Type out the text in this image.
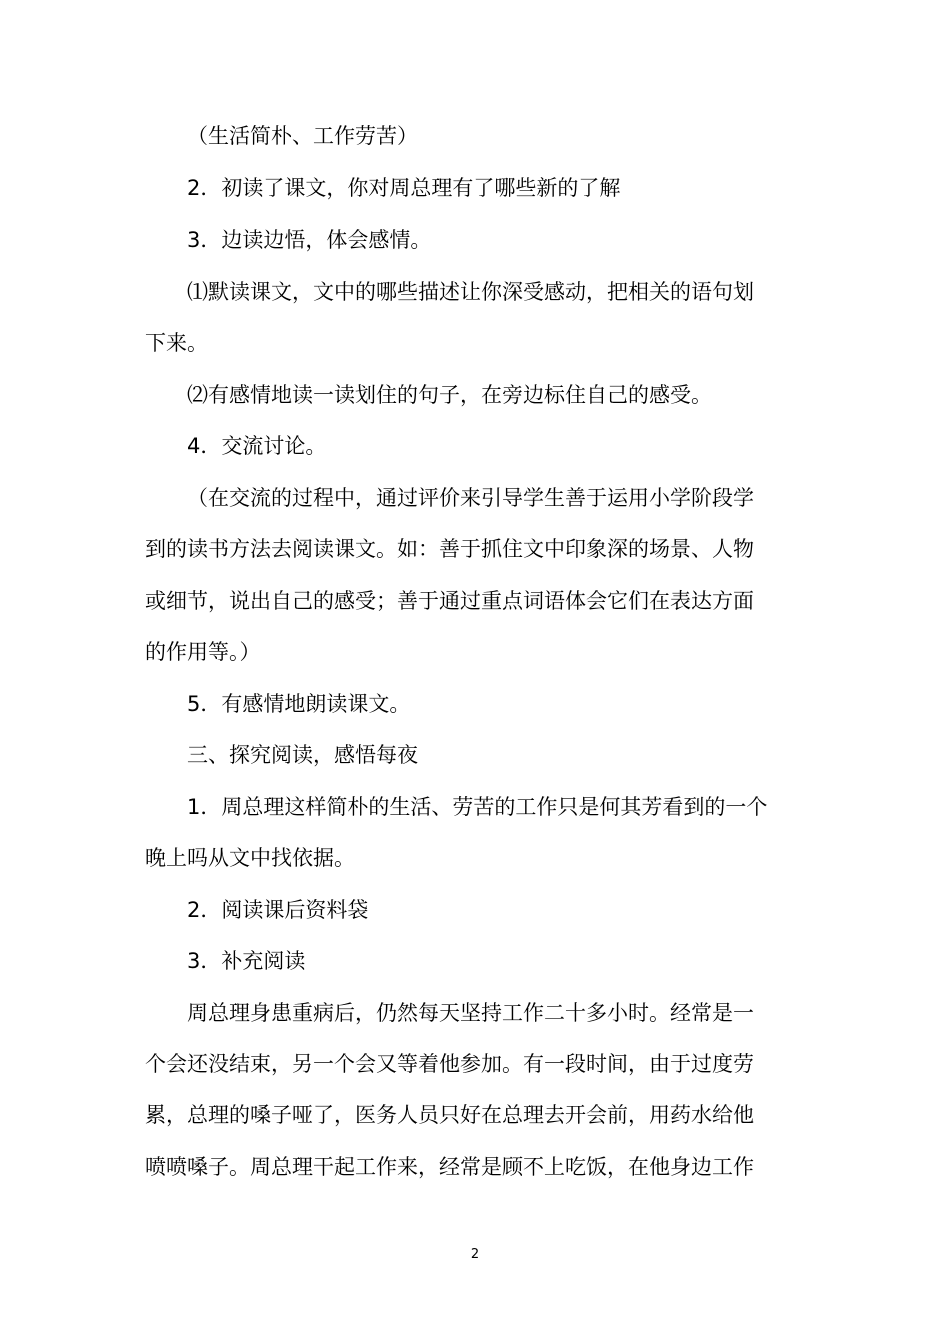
（生活简朴、工作劳苦）
2．初读了课文，你对周总理有了哪些新的了解
3．边读边悟，体会感情。
⑴默读课文，文中的哪些描述让你深受感动，把相关的语句划
下来。
⑵有感情地读一读划住的句子，在旁边标住自己的感受。
4．交流讨论。
（在交流的过程中，通过评价来引导学生善于运用小学阶段学
到的读书方法去阅读课文。如：善于抓住文中印象深的场景、人物
或细节，说出自己的感受；善于通过重点词语体会它们在表达方面
的作用等。）
5．有感情地朗读课文。
三、探究阅读，感悟每夜
1．周总理这样简朴的生活、劳苦的工作只是何其芳看到的一个
晚上吗从文中找依据。
2．阅读课后资料袋
3．补充阅读
周总理身患重病后，仍然每天坚持工作二十多小时。经常是一
个会还没结束，另一个会又等着他参加。有一段时间，由于过度劳
累，总理的嗓子哑了，医务人员只好在总理去开会前，用药水给他
喷喷嗓子。周总理干起工作来，经常是顾不上吃饭，在他身边工作
2
